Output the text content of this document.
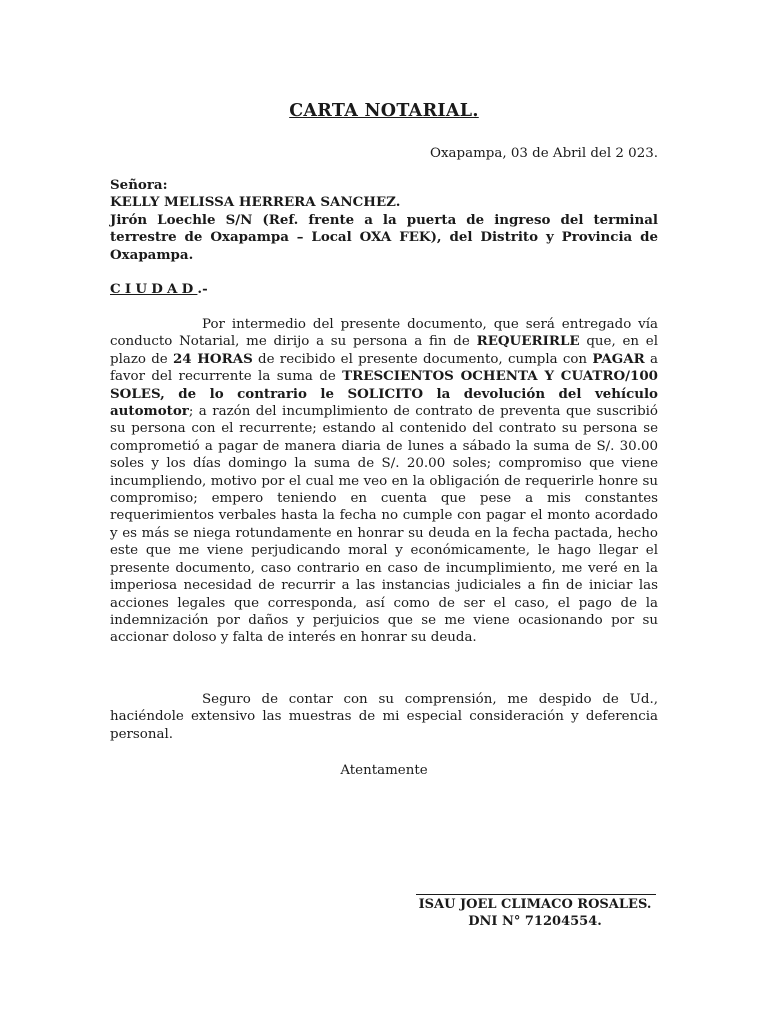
CARTA NOTARIAL.
Oxapampa, 03 de Abril del 2 023.
Señora:
KELLY MELISSA HERRERA SANCHEZ.
Jirón Loechle S/N (Ref. frente a la puerta de ingreso del terminal terrestre de Oxapampa – Local OXA FEK), del Distrito y Provincia de Oxapampa.
CIUDAD.-

Por intermedio del presente documento, que será entregado vía conducto Notarial, me dirijo a su persona a fin de REQUERIRLE que, en el plazo de 24 HORAS de recibido el presente documento, cumpla con PAGAR a favor del recurrente la suma de TRESCIENTOS OCHENTA Y CUATRO/100 SOLES, de lo contrario le SOLICITO la devolución del vehículo automotor; a razón del incumplimiento de contrato de preventa que suscribió su persona con el recurrente; estando al contenido del contrato su persona se comprometió a pagar de manera diaria de lunes a sábado la suma de S/. 30.00 soles y los días domingo la suma de S/. 20.00 soles; compromiso que viene incumpliendo, motivo por el cual me veo en la obligación de requerirle honre su compromiso; empero teniendo en cuenta que pese a mis constantes requerimientos verbales hasta la fecha no cumple con pagar el monto acordado y es más se niega rotundamente en honrar su deuda en la fecha pactada, hecho este que me viene perjudicando moral y económicamente, le hago llegar el presente documento, caso contrario en caso de incumplimiento, me veré en la imperiosa necesidad de recurrir a las instancias judiciales a fin de iniciar las acciones legales que corresponda, así como de ser el caso, el pago de la indemnización por daños y perjuicios que se me viene ocasionando por su accionar doloso y falta de interés en honrar su deuda.

Seguro de contar con su comprensión, me despido de Ud., haciéndole extensivo las muestras de mi especial consideración y deferencia personal.

Atentamente
ISAU JOEL CLIMACO ROSALES.
DNI N° 71204554.
